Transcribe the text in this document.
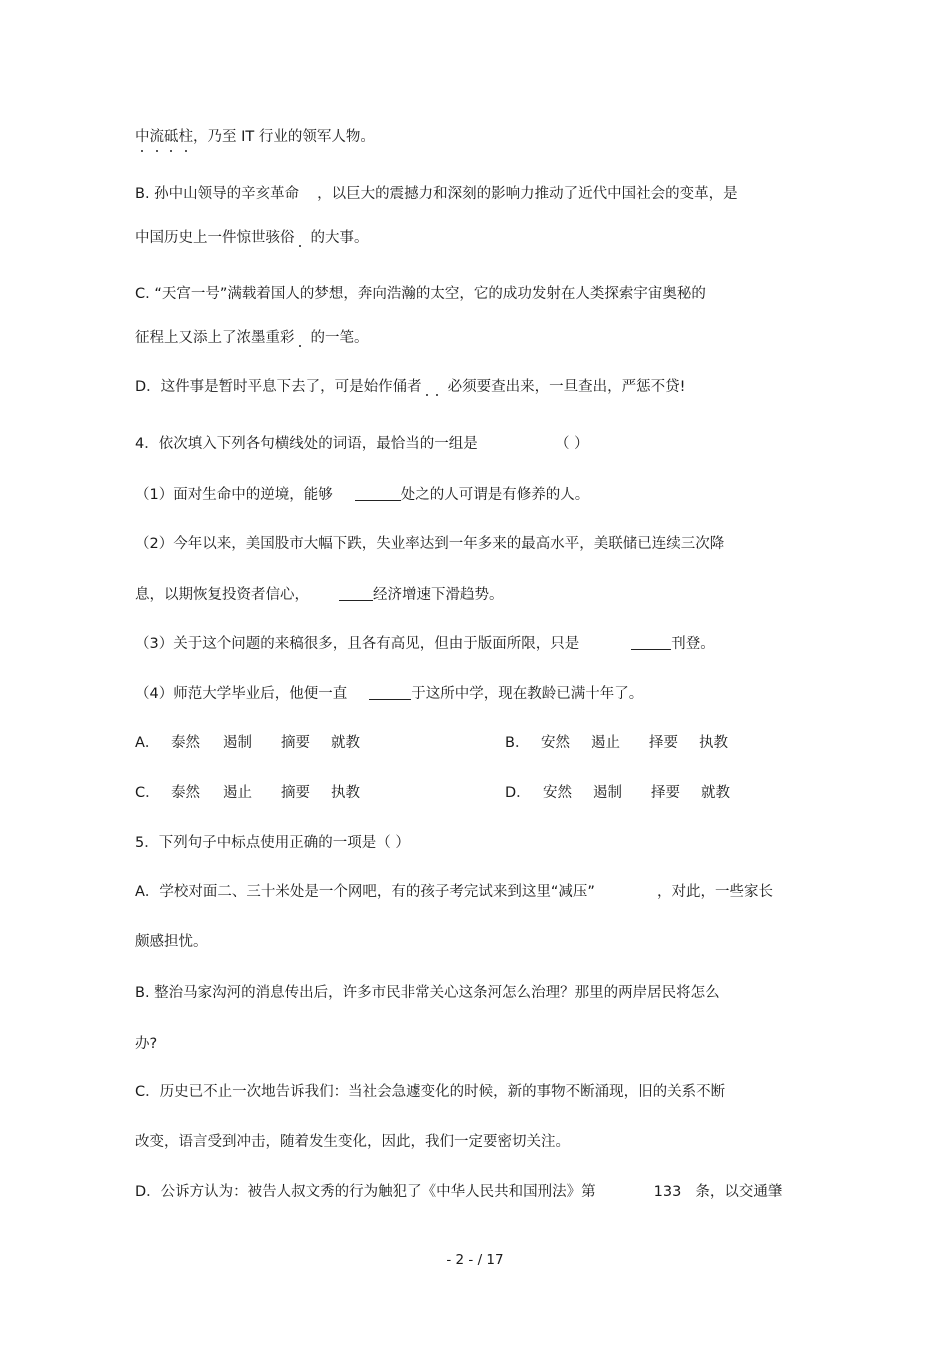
中流砥柱，乃至 IT 行业的领军人物。
B. 孙中山领导的辛亥革命 ，以巨大的震撼力和深刻的影响力推动了近代中国社会的变革，是
中国历史上一件惊世骇俗 的大事。
C. “天宫一号”满载着国人的梦想，奔向浩瀚的太空，它的成功发射在人类探索宇宙奥秘的
征程上又添上了浓墨重彩 的一笔。
D．这件事是暂时平息下去了，可是始作俑者 必须要查出来，一旦查出，严惩不贷!
4．依次填入下列各句横线处的词语，最恰当的一组是	（ ）
（1）面对生命中的逆境，能够	处之的人可谓是有修养的人。
（2）今年以来，美国股市大幅下跌，失业率达到一年多来的最高水平，美联储已连续三次降
息，以期恢复投资者信心，	经济增速下滑趋势。
（3）关于这个问题的来稿很多，且各有高见，但由于版面所限，只是	刊登。
（4）师范大学毕业后，他便一直	于这所中学，现在教龄已满十年了。
A． 泰然 遏制 摘要 就教	B． 安然 遏止 择要 执教
C． 泰然 遏止 摘要 执教	D． 安然 遏制 择要 就教
5．下列句子中标点使用正确的一项是（ ）
A．学校对面二、三十米处是一个网吧，有的孩子考完试来到这里“减压”	，对此，一些家长
颇感担忧。
B. 整治马家沟河的消息传出后，许多市民非常关心这条河怎么治理？那里的两岸居民将怎么
办?
C．历史已不止一次地告诉我们：当社会急遽变化的时候，新的事物不断涌现，旧的关系不断
改变，语言受到冲击，随着发生变化，因此，我们一定要密切关注。
D．公诉方认为：被告人叔文秀的行为触犯了《中华人民共和国刑法》第	133 条，以交通肇
- 2 - / 17
